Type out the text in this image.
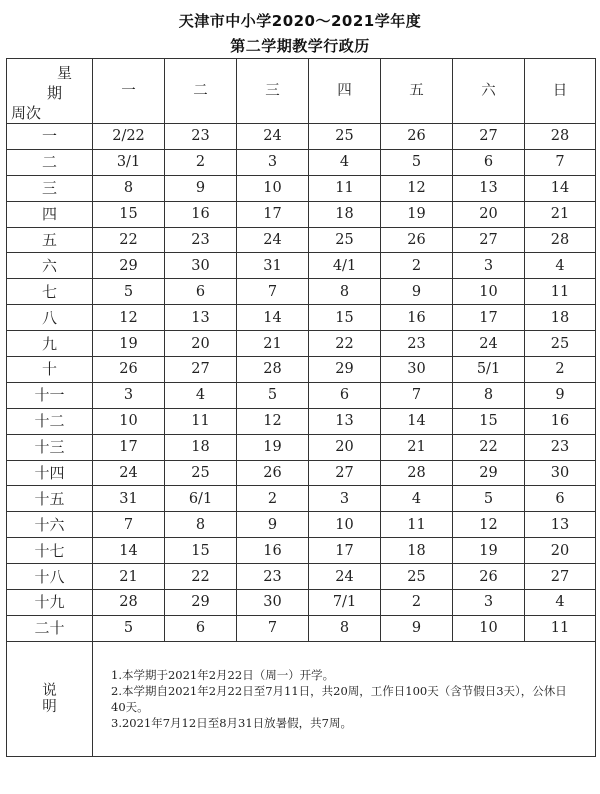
天津市中小学2020～2021学年度
第二学期教学行政历
星
期
周次	一	二	三	四	五	六	日
一	2/22	23	24	25	26	27	28
二	3/1	2	3	4	5	6	7
三	8	9	10	11	12	13	14
四	15	16	17	18	19	20	21
五	22	23	24	25	26	27	28
六	29	30	31	4/1	2	3	4
七	5	6	7	8	9	10	11
八	12	13	14	15	16	17	18
九	19	20	21	22	23	24	25
十	26	27	28	29	30	5/1	2
十一	3	4	5	6	7	8	9
十二	10	11	12	13	14	15	16
十三	17	18	19	20	21	22	23
十四	24	25	26	27	28	29	30
十五	31	6/1	2	3	4	5	6
十六	7	8	9	10	11	12	13
十七	14	15	16	17	18	19	20
十八	21	22	23	24	25	26	27
十九	28	29	30	7/1	2	3	4
二十	5	6	7	8	9	10	11
说
明	1.本学期于2021年2月22日（周一）开学。
2.本学期自2021年2月22日至7月11日，共20周，工作日100天（含节假日3天），公休日40天。
3.2021年7月12日至8月31日放暑假，共7周。						
